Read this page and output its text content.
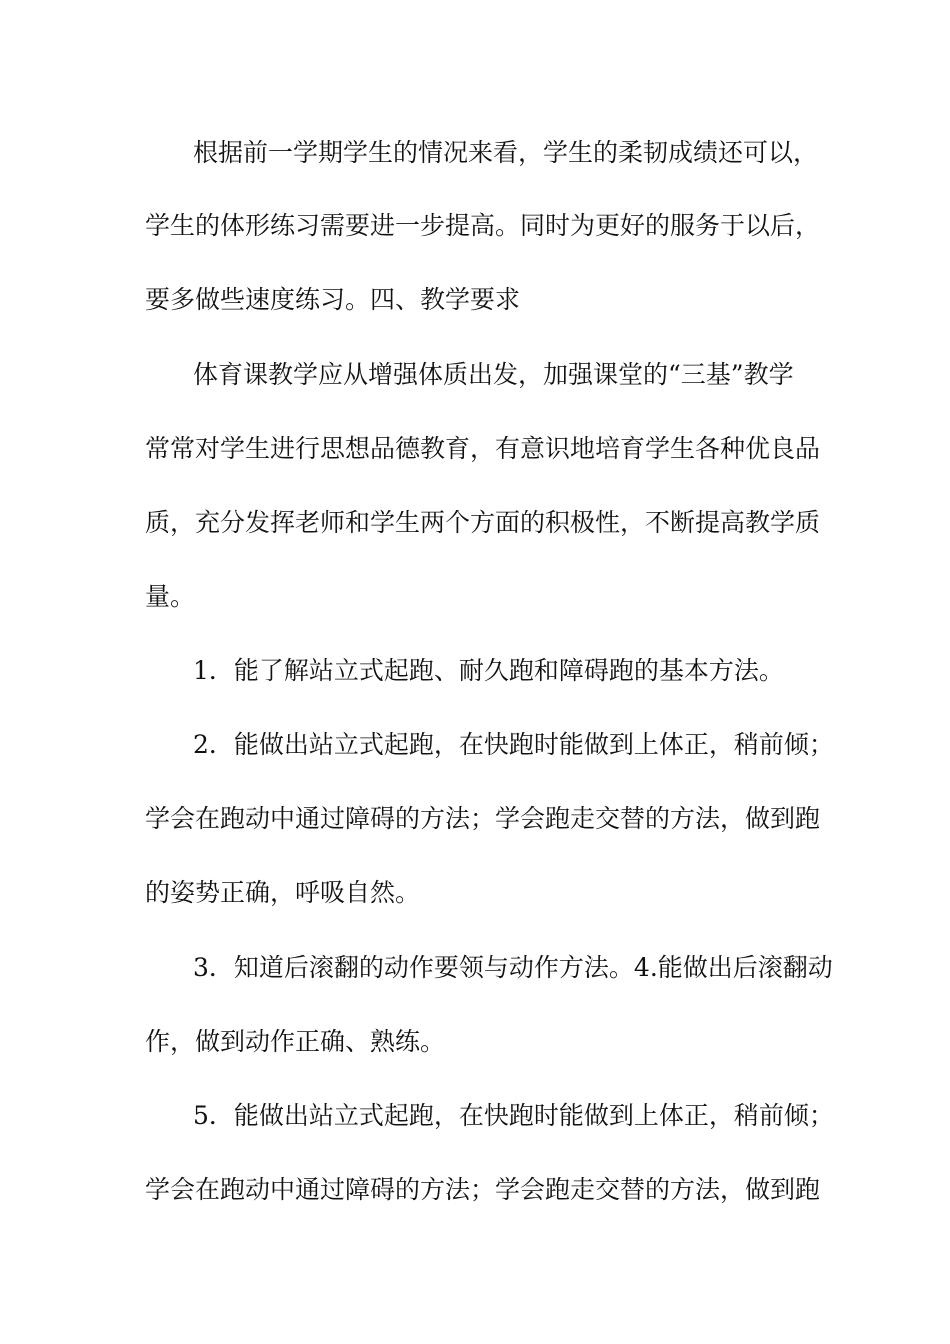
根据前一学期学生的情况来看，学生的柔韧成绩还可以，
学生的体形练习需要进一步提高。同时为更好的服务于以后，
要多做些速度练习。四、教学要求
体育课教学应从增强体质出发，加强课堂的“三基”教学
常常对学生进行思想品德教育，有意识地培育学生各种优良品
质，充分发挥老师和学生两个方面的积极性，不断提高教学质
量。
1．能了解站立式起跑、耐久跑和障碍跑的基本方法。
2．能做出站立式起跑，在快跑时能做到上体正，稍前倾；
学会在跑动中通过障碍的方法；学会跑走交替的方法，做到跑
的姿势正确，呼吸自然。
3．知道后滚翻的动作要领与动作方法。4.能做出后滚翻动
作，做到动作正确、熟练。
5．能做出站立式起跑，在快跑时能做到上体正，稍前倾；
学会在跑动中通过障碍的方法；学会跑走交替的方法，做到跑
